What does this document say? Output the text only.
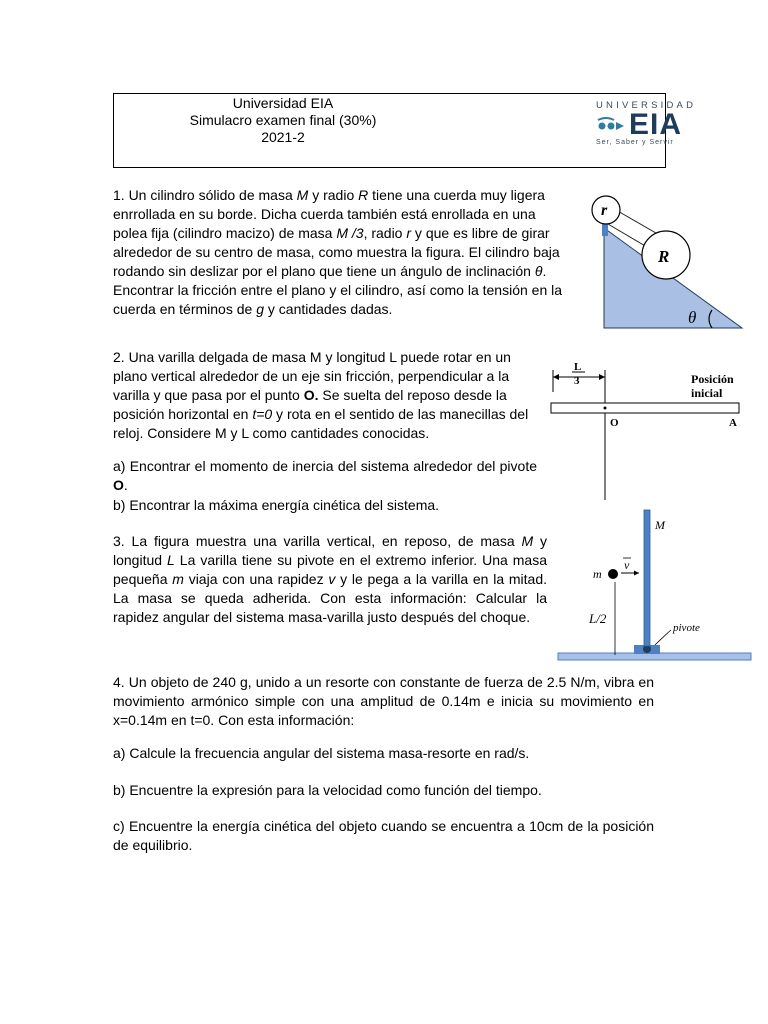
Universidad EIA
Simulacro examen final (30%)
2021-2
UNIVERSIDAD
EIA
Ser, Saber y Servir
1. Un cilindro sólido de masa M y radio R tiene una cuerda muy ligera enrrollada en su borde. Dicha cuerda también está enrollada en una polea fija (cilindro macizo) de masa M /3, radio r y que es libre de girar alrededor de su centro de masa, como muestra la figura. El cilindro baja rodando sin deslizar por el plano que tiene un ángulo de inclinación θ. Encontrar la fricción entre el plano y el cilindro, así como la tensión en la cuerda en términos de g y cantidades dadas.
r
R
θ
2. Una varilla delgada de masa M y longitud L puede rotar en un plano vertical alrededor de un eje sin fricción, perpendicular a la varilla y que pasa por el punto O. Se suelta del reposo desde la posición horizontal en t=0 y rota en el sentido de las manecillas del reloj. Considere M y L como cantidades conocidas.
a) Encontrar el momento de inercia del sistema alrededor del pivote O.
b) Encontrar la máxima energía cinética del sistema.
L
3
O	A
Posición
inicial
3. La figura muestra una varilla vertical, en reposo, de masa M y longitud L La varilla tiene su pivote en el extremo inferior. Una masa pequeña m viaja con una rapidez v y le pega a la varilla en la mitad. La masa se queda adherida. Con esta información: Calcular la rapidez angular del sistema masa-varilla justo después del choque.
M
m
v
L/2
pivote
4. Un objeto de 240 g, unido a un resorte con constante de fuerza de 2.5 N/m, vibra en movimiento armónico simple con una amplitud de 0.14m e inicia su movimiento en x=0.14m en t=0. Con esta información:
a) Calcule la frecuencia angular del sistema masa-resorte en rad/s.
b) Encuentre la expresión para la velocidad como función del tiempo.
c) Encuentre la energía cinética del objeto cuando se encuentra a 10cm de la posición de equilibrio.
